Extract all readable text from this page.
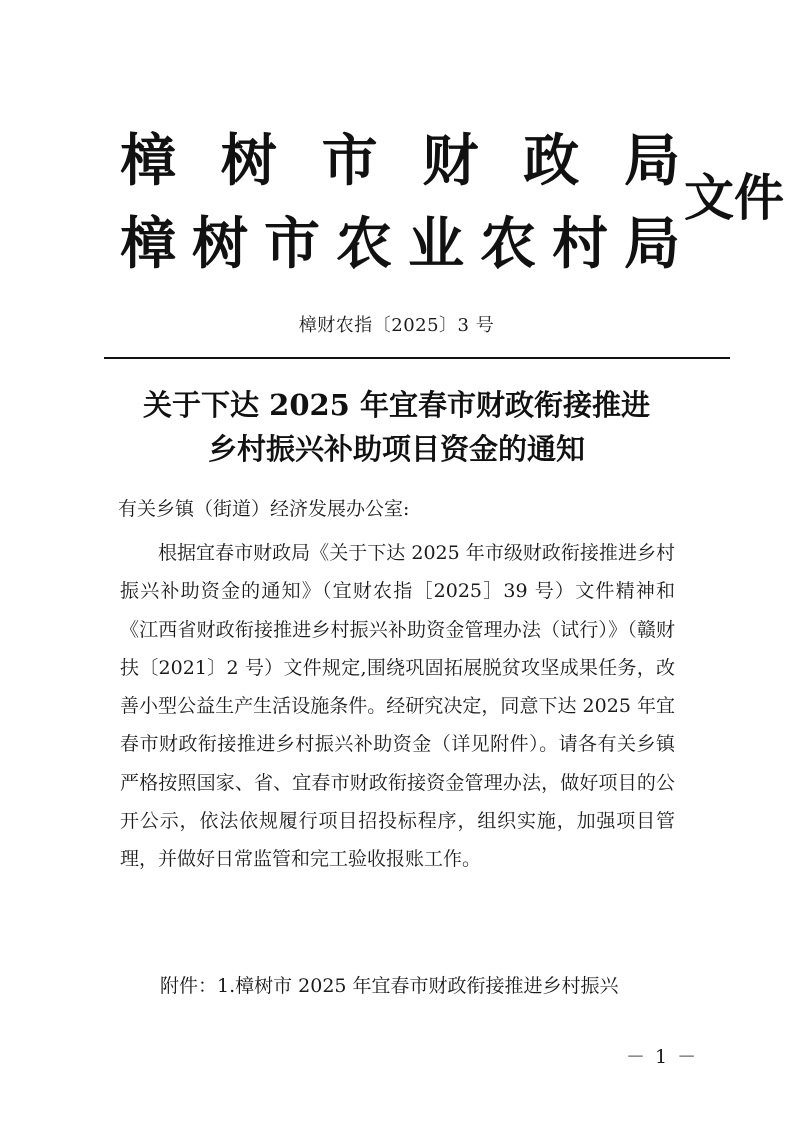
樟 树 市 财 政 局
樟 树 市 农 业 农 村 局
文件
樟财农指〔2025〕3 号
关于下达 2025 年宜春市财政衔接推进
乡村振兴补助项目资金的通知
有关乡镇（街道）经济发展办公室:

根据宜春市财政局《关于下达 2025 年市级财政衔接推进乡村振兴补助资金的通知》（宜财农指［2025］39 号）文件精神和《江西省财政衔接推进乡村振兴补助资金管理办法（试行）》（赣财扶〔2021〕2 号）文件规定,围绕巩固拓展脱贫攻坚成果任务，改善小型公益生产生活设施条件。经研究决定，同意下达 2025 年宜春市财政衔接推进乡村振兴补助资金（详见附件）。请各有关乡镇严格按照国家、省、宜春市财政衔接资金管理办法，做好项目的公开公示，依法依规履行项目招投标程序，组织实施，加强项目管理，并做好日常监管和完工验收报账工作。

附件：1.樟树市 2025 年宜春市财政衔接推进乡村振兴
－ 1 －
